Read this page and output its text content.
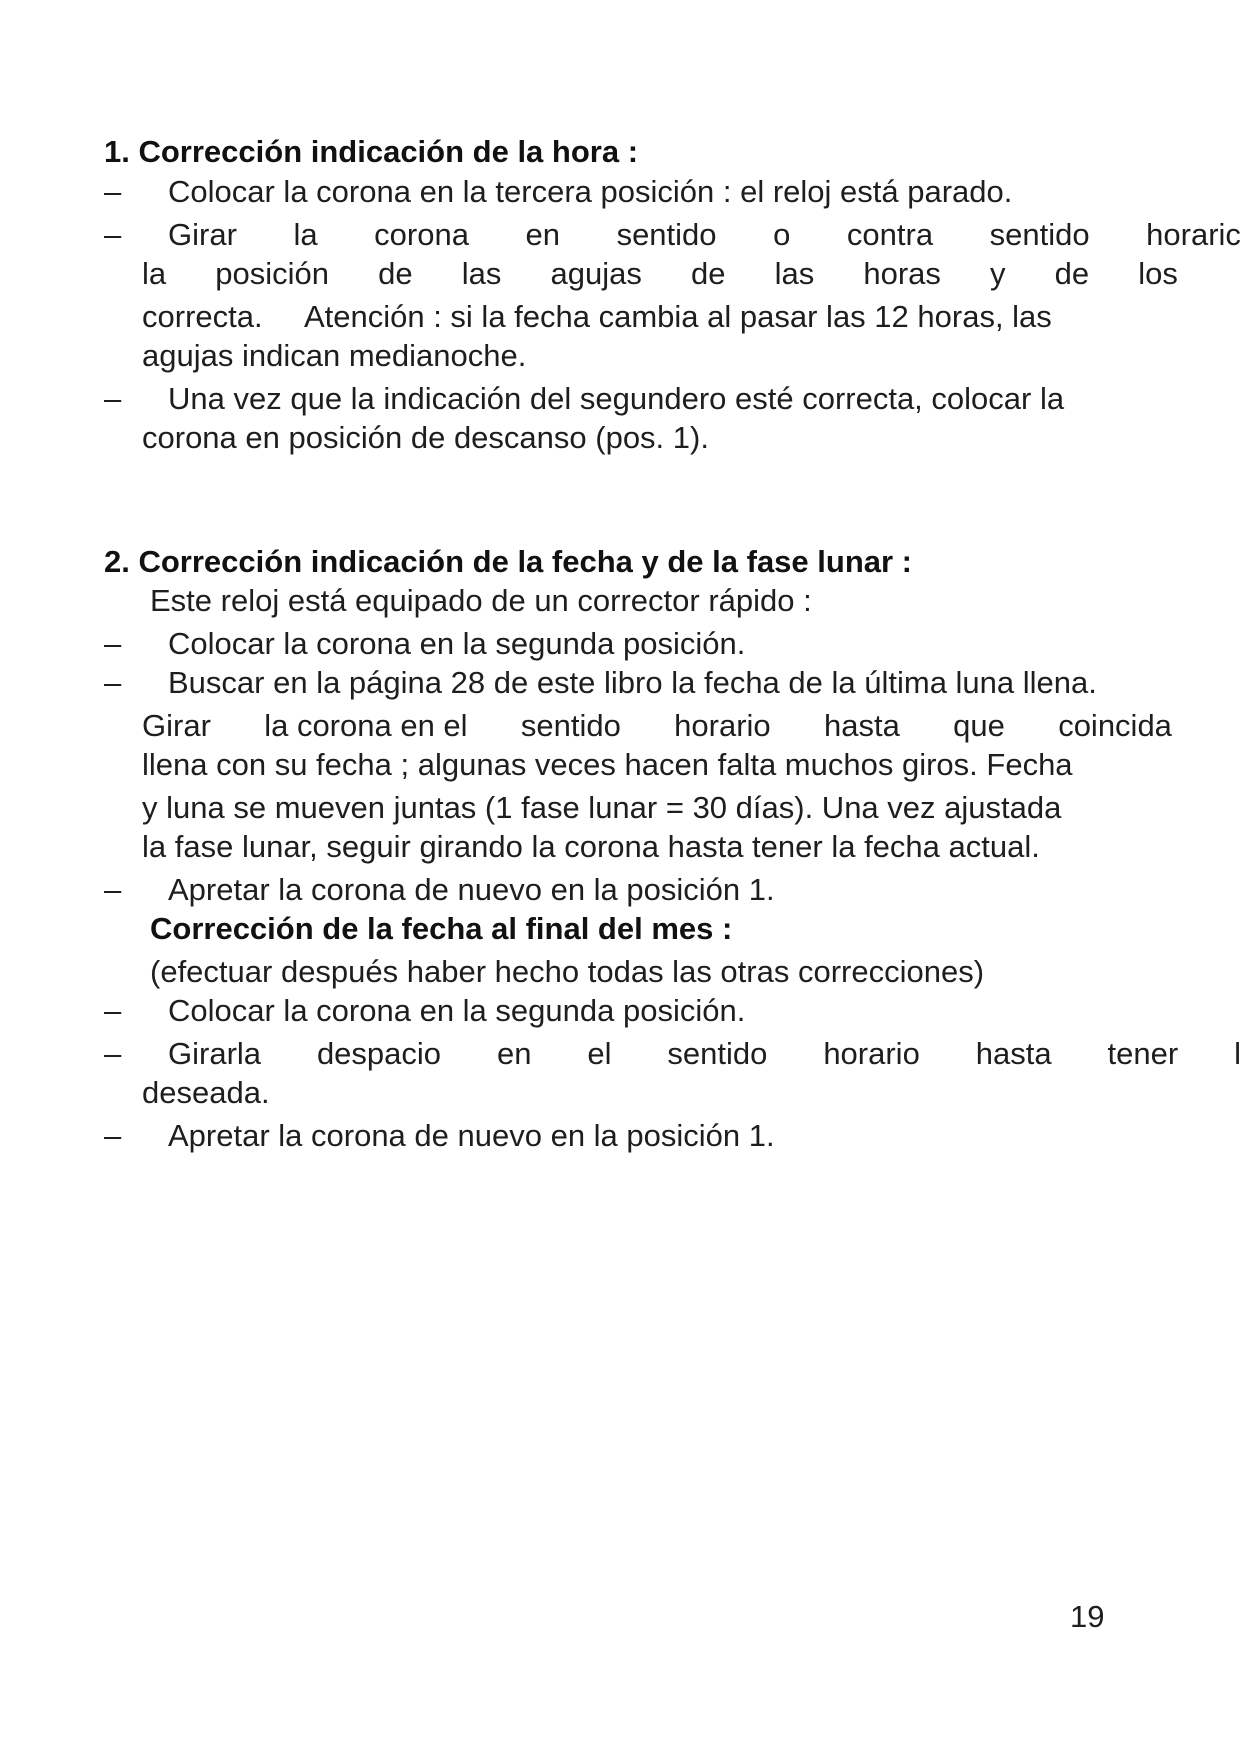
1. Corrección indicación de la hora :
– Colocar la corona en la tercera posición : el reloj está parado.
– Girar la corona en sentido o contra sentido horaric
la posición de las agujas de las horas y de los
correcta.     Atención : si la fecha cambia al pasar las 12 horas, las
agujas indican medianoche.
– Una vez que la indicación del segundero esté correcta, colocar la
corona en posición de descanso (pos. 1).
2. Corrección indicación de la fecha y de la fase lunar :
Este reloj está equipado de un corrector rápido :
– Colocar la corona en la segunda posición.
– Buscar en la página 28 de este libro la fecha de la última luna llena.
Girar la corona en el sentido horario hasta que coincida
llena con su fecha ; algunas veces hacen falta muchos giros. Fecha
y luna se mueven juntas (1 fase lunar = 30 días). Una vez ajustada
la fase lunar, seguir girando la corona hasta tener la fecha actual.
– Apretar la corona de nuevo en la posición 1.
Corrección de la fecha al final del mes :
(efectuar después haber hecho todas las otras correcciones)
– Colocar la corona en la segunda posición.
– Girarla despacio en el sentido horario hasta tener l
deseada.
– Apretar la corona de nuevo en la posición 1.
19
